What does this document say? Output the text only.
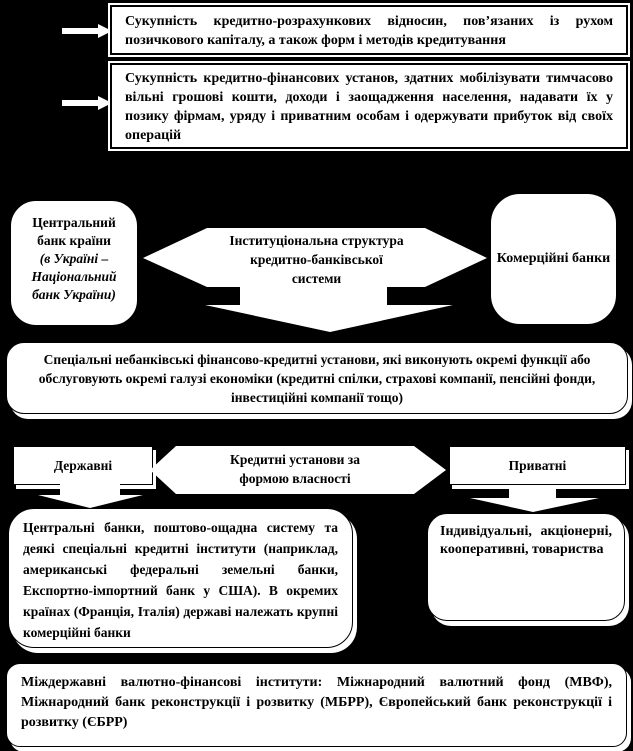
Сукупність кредитно-розрахункових відносин, пов’язаних із рухом позичкового капіталу, а також форм і методів кредитування
Сукупність кредитно-фінансових установ, здатних мобілізувати тимчасово вільні грошові кошти, доходи і заощадження населення, надавати їх у позику фірмам, уряду і приватним особам і одержувати прибуток від своїх операцій
Центральний банк країни
(в Україні – Національний банк України)
Інституціональна структура кредитно-банківської системи
Комерційні банки
Спеціальні небанківські фінансово-кредитні установи, які виконують окремі функції або обслуговують окремі галузі економіки (кредитні спілки, страхові компанії, пенсійні фонди, інвестиційні компанії тощо)
Державні	Кредитні установи за формою власності
Приватні
Центральні банки, поштово-ощадна систему та деякі спеціальні кредитні інститути (наприклад, американські федеральні земельні банки, Експортно-імпортний банк у США). В окремих країнах (Франція, Італія) державі належать крупні комерційні банки
Індивідуальні, акціонерні, кооперативні, товариства
Міждержавні валютно-фінансові інститути: Міжнародний валютний фонд (МВФ), Міжнародний банк реконструкції і розвитку (МБРР), Європейський банк реконструкції і розвитку (ЄБРР)
